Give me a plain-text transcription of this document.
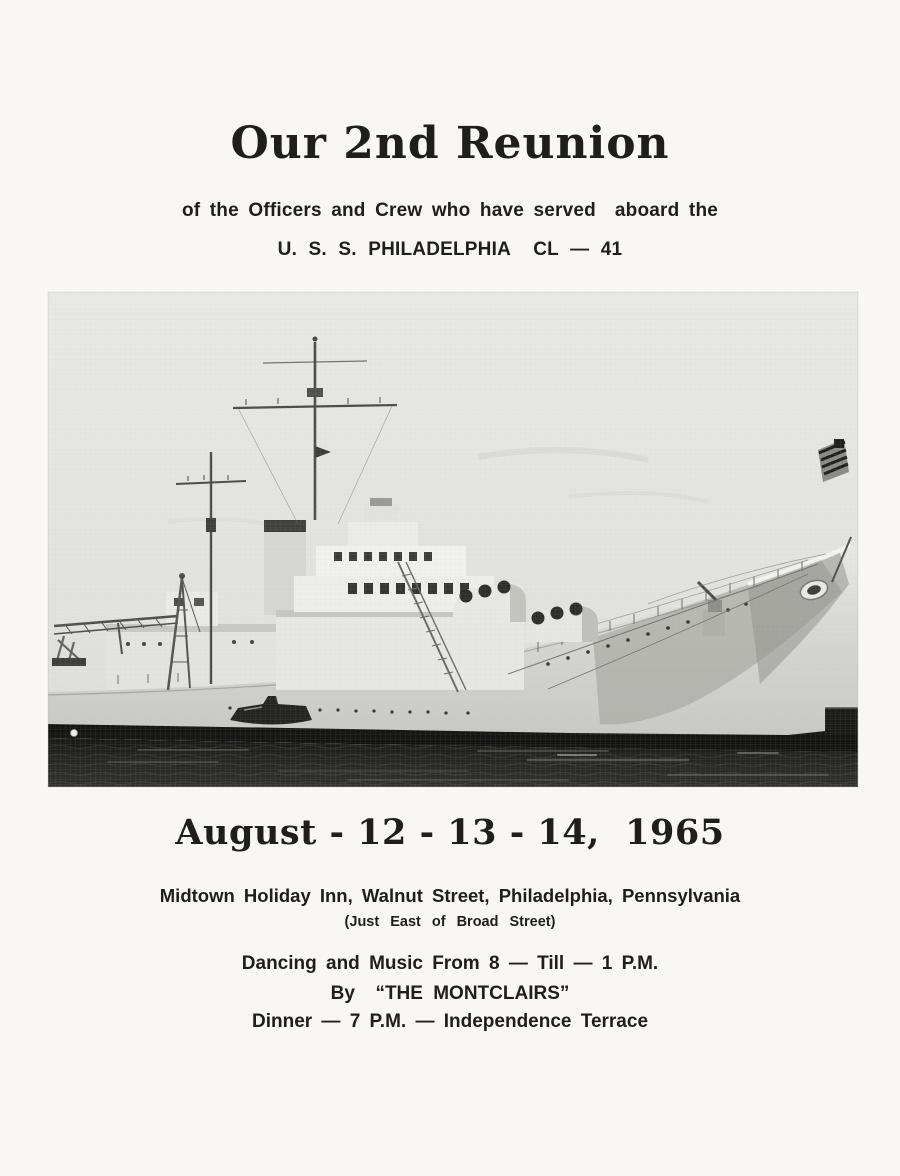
Our 2nd Reunion
of the Officers and Crew who have served  aboard the
U. S. S. PHILADELPHIA  CL — 41
August - 12 - 13 - 14,  1965
Midtown Holiday Inn, Walnut Street, Philadelphia, Pennsylvania
(Just East of Broad Street)
Dancing and Music From 8 — Till — 1 P.M.
By  “THE MONTCLAIRS”
Dinner — 7 P.M. — Independence Terrace
